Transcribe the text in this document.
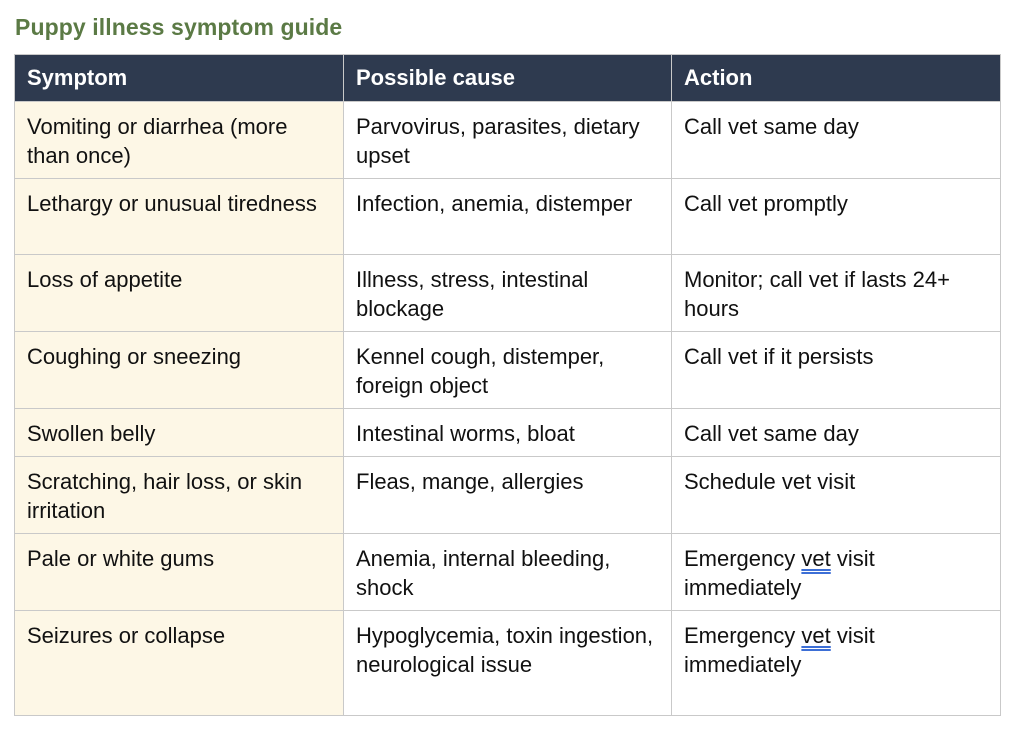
Puppy illness symptom guide
Symptom	Possible cause	Action
Vomiting or diarrhea (more than once)	Parvovirus, parasites, dietary upset	Call vet same day
Lethargy or unusual tiredness	Infection, anemia, distemper	Call vet promptly
Loss of appetite	Illness, stress, intestinal blockage	Monitor; call vet if lasts 24+ hours
Coughing or sneezing	Kennel cough, distemper, foreign object	Call vet if it persists
Swollen belly	Intestinal worms, bloat	Call vet same day
Scratching, hair loss, or skin irritation	Fleas, mange, allergies	Schedule vet visit
Pale or white gums	Anemia, internal bleeding, shock	Emergency vet visit immediately
Seizures or collapse	Hypoglycemia, toxin ingestion, neurological issue	Emergency vet visit immediately
